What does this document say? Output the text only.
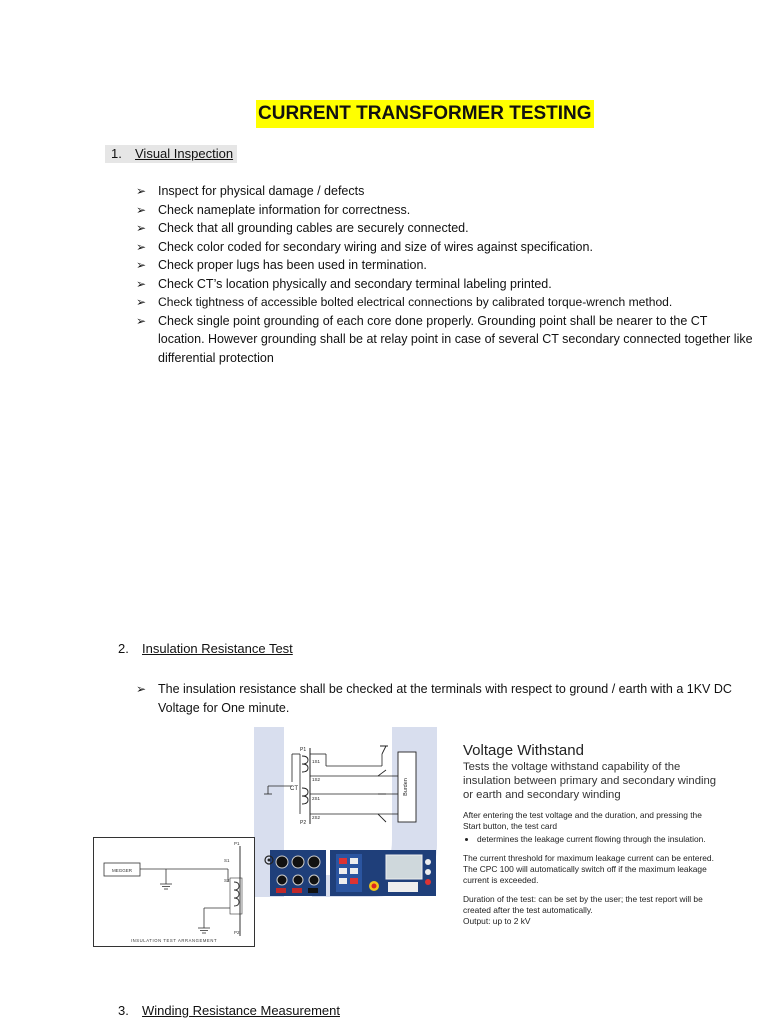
CURRENT TRANSFORMER TESTING
1. Visual Inspection
➢ Inspect for physical damage / defects
➢ Check nameplate information for correctness.
➢ Check that all grounding cables are securely connected.
➢ Check color coded for secondary wiring and size of wires against specification.
➢ Check proper lugs has been used in termination.
➢ Check CT’s location physically and secondary terminal labeling printed.
➢ Check tightness of accessible bolted electrical connections by calibrated torque-wrench method.
➢ Check single point grounding of each core done properly. Grounding point shall be nearer to the CT location. However grounding shall be at relay point in case of several CT secondary connected together like differential protection
2. Insulation Resistance Test
➢ The insulation resistance shall be checked at the terminals with respect to ground / earth with a 1KV DC Voltage for One minute.
MEGGER
P1
S1
S2
P2
INSULATION TEST ARRANGEMENT
Burden
P1
P2
CT
1S1
1S2
2S1
2S2
Voltage Withstand
Tests the voltage withstand capability of the insulation between primary and secondary winding or earth and secondary winding
After entering the test voltage and the duration, and pressing the Start button, the test card
• determines the leakage current flowing through the insulation.
The current threshold for maximum leakage current can be entered. The CPC 100 will automatically switch off if the maximum leakage current is exceeded.
Duration of the test: can be set by the user; the test report will be created after the test automatically.
Output: up to 2 kV
3. Winding Resistance Measurement
